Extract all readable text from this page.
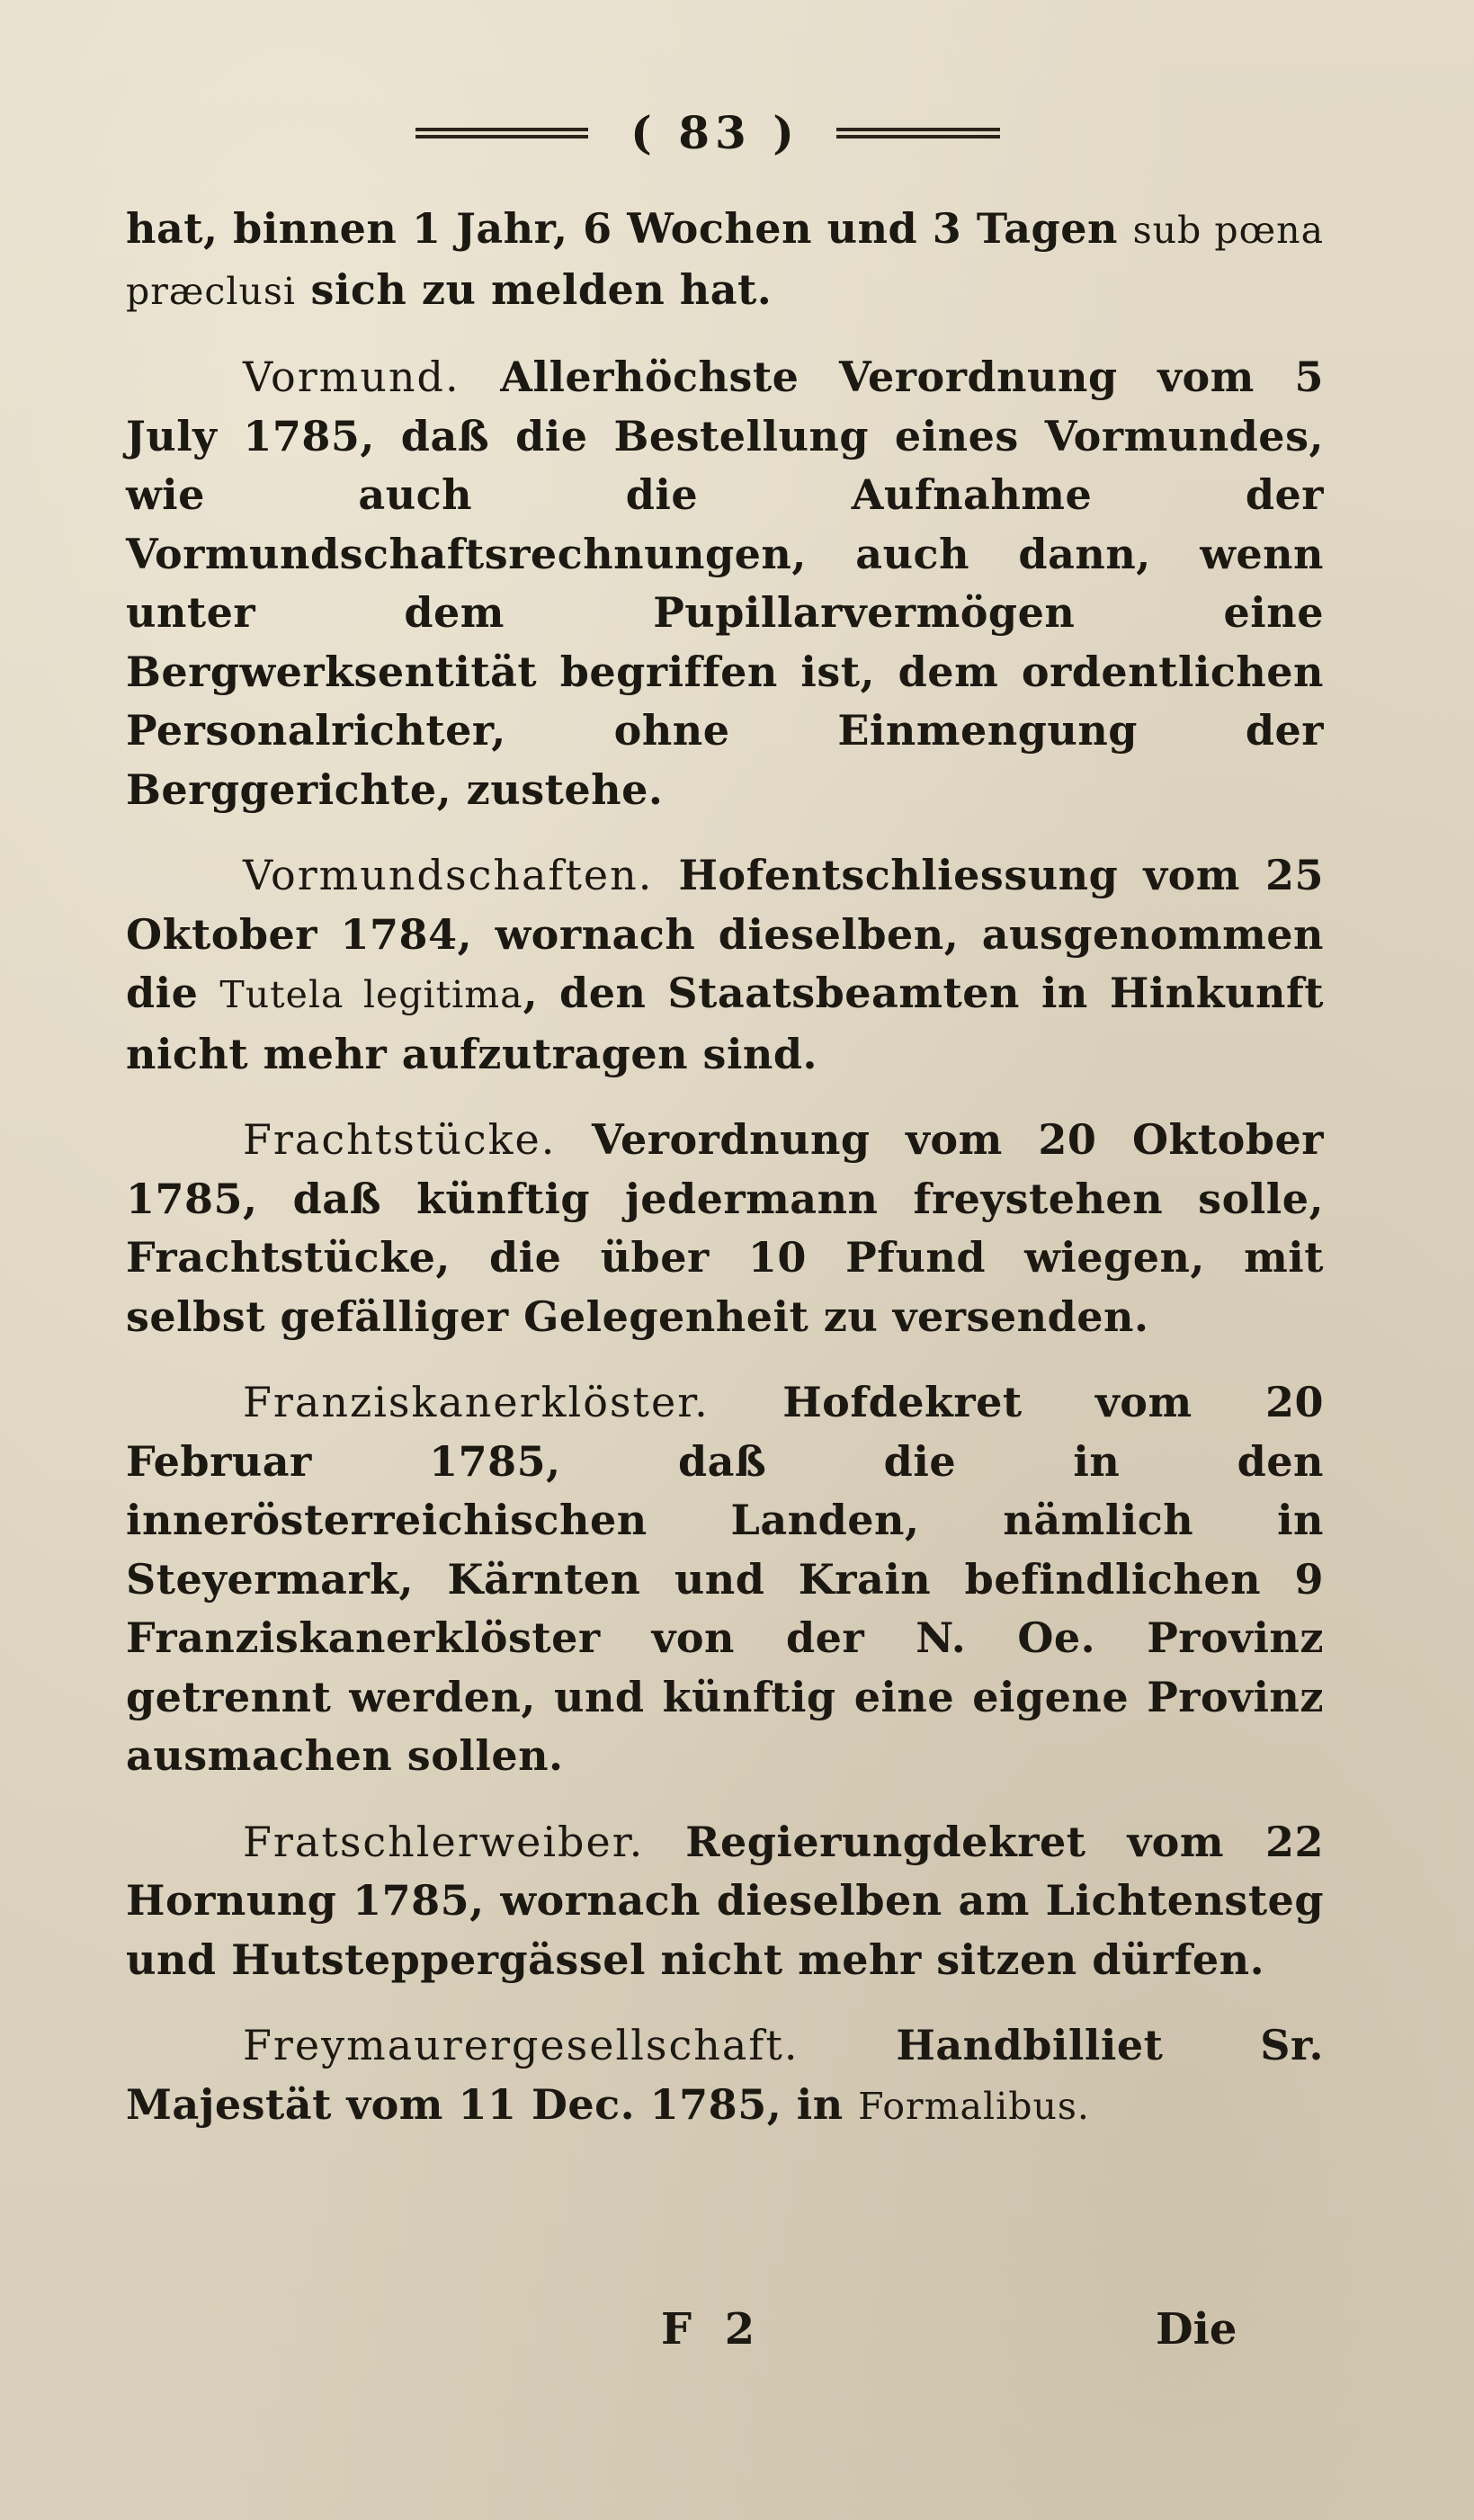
( 83 )

hat, binnen 1 Jahr, 6 Wochen und 3 Tagen sub pœna præclusi sich zu melden hat.

Vormund. Allerhöchste Verordnung vom 5 July 1785, daß die Bestellung eines Vormundes, wie auch die Aufnahme der Vormundschaftsrechnungen, auch dann, wenn unter dem Pupillarvermögen eine Bergwerksentität begriffen ist, dem ordentlichen Personalrichter, ohne Einmengung der Berggerichte, zustehe.

Vormundschaften. Hofentschliessung vom 25 Oktober 1784, wornach dieselben, ausgenommen die Tutela legitima, den Staatsbeamten in Hinkunft nicht mehr aufzutragen sind.

Frachtstücke. Verordnung vom 20 Oktober 1785, daß künftig jedermann freystehen solle, Frachtstücke, die über 10 Pfund wiegen, mit selbst gefälliger Gelegenheit zu versenden.

Franziskanerklöster. Hofdekret vom 20 Februar 1785, daß die in den innerösterreichischen Landen, nämlich in Steyermark, Kärnten und Krain befindlichen 9 Franziskanerklöster von der N. Oe. Provinz getrennt werden, und künftig eine eigene Provinz ausmachen sollen.

Fratschlerweiber. Regierungdekret vom 22 Hornung 1785, wornach dieselben am Lichtensteg und Hutsteppergässel nicht mehr sitzen dürfen.

Freymaurergesellschaft. Handbilliet Sr. Majestät vom 11 Dec. 1785, in Formalibus.

F 2	Die
